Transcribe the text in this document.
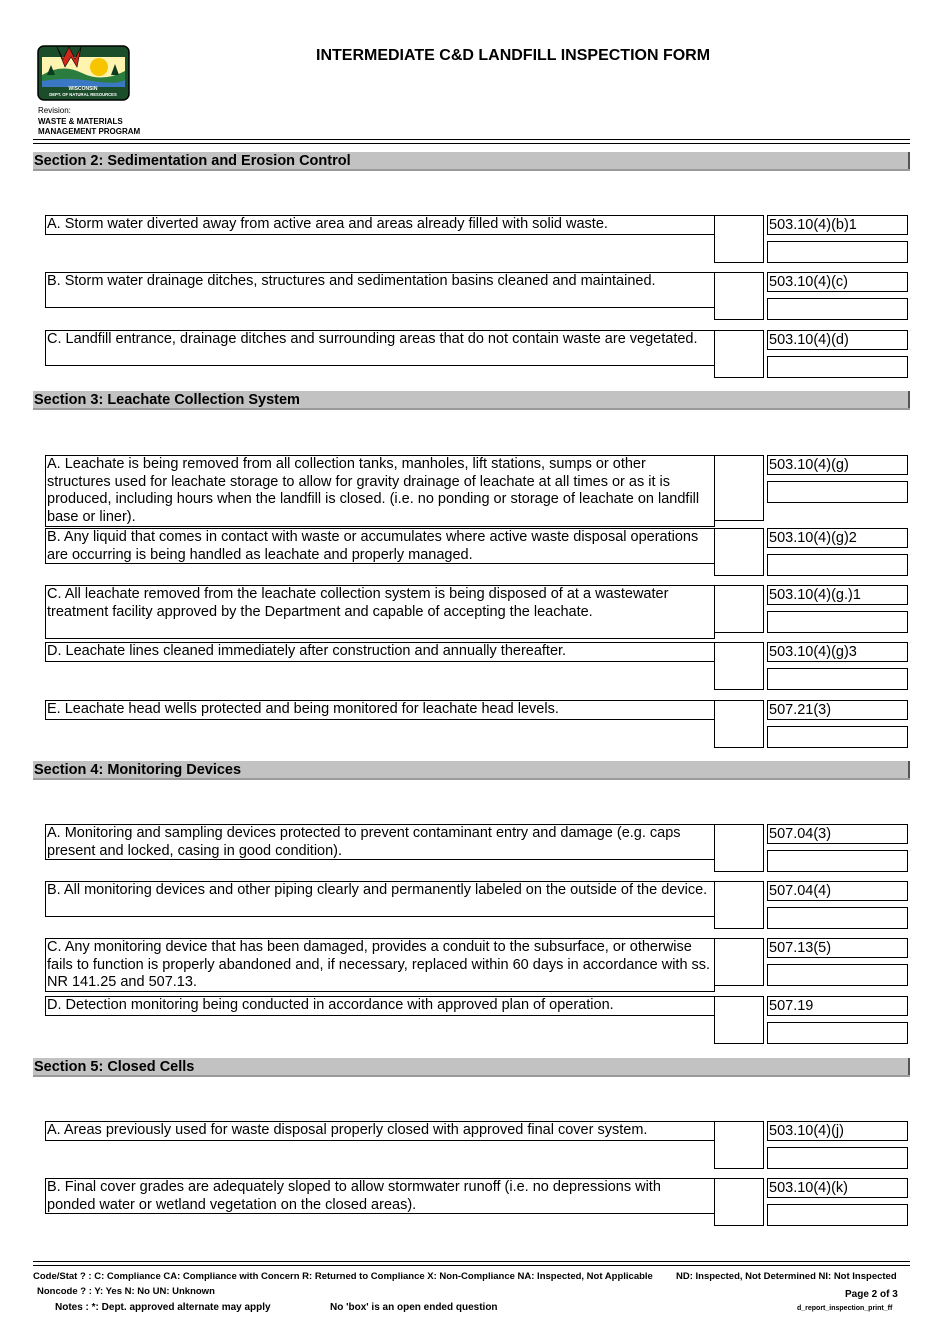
WISCONSIN
DEPT. OF NATURAL RESOURCES
INTERMEDIATE C&D LANDFILL INSPECTION FORM
Revision:
WASTE & MATERIALS
MANAGEMENT PROGRAM
Section 2: Sedimentation and Erosion Control
A. Storm water diverted away from active area and areas already filled with solid waste.	503.10(4)(b)1
B. Storm water drainage ditches, structures and sedimentation basins cleaned and maintained.	503.10(4)(c)
C. Landfill entrance, drainage ditches and surrounding areas that do not contain waste are vegetated.	503.10(4)(d)
Section 3: Leachate Collection System
A. Leachate is being removed from all collection tanks, manholes, lift stations, sumps or other structures used for leachate storage to allow for gravity drainage of leachate at all times or as it is produced, including hours when the landfill is closed. (i.e. no ponding or storage of leachate on landfill base or liner).
503.10(4)(g)
B. Any liquid that comes in contact with waste or accumulates where active waste disposal operations are occurring is being handled as leachate and properly managed.
503.10(4)(g)2
C. All leachate removed from the leachate collection system is being disposed of at a wastewater treatment facility approved by the Department and capable of accepting the leachate.
503.10(4)(g.)1
D. Leachate lines cleaned immediately after construction and annually thereafter.	503.10(4)(g)3
E. Leachate head wells protected and being monitored for leachate head levels.	507.21(3)
Section 4: Monitoring Devices
A. Monitoring and sampling devices protected to prevent contaminant entry and damage (e.g. caps present and locked, casing in good condition).
507.04(3)
B. All monitoring devices and other piping clearly and permanently labeled on the outside of the device.	507.04(4)
C. Any monitoring device that has been damaged, provides a conduit to the subsurface, or otherwise fails to function is properly abandoned and, if necessary, replaced within 60 days in accordance with ss. NR 141.25 and 507.13.
507.13(5)
D. Detection monitoring being conducted in accordance with approved plan of operation.	507.19
Section 5: Closed Cells
A. Areas previously used for waste disposal properly closed with approved final cover system.	503.10(4)(j)
B. Final cover grades are adequately sloped to allow stormwater runoff (i.e. no depressions with ponded water or wetland vegetation on the closed areas).
503.10(4)(k)
Code/Stat ? : C: Compliance CA: Compliance with Concern R: Returned to Compliance X: Non-Compliance NA: Inspected, Not Applicable ND: Inspected, Not Determined NI: Not Inspected
Noncode ? : Y: Yes N: No UN: Unknown
Notes : *: Dept. approved alternate may apply	No 'box' is an open ended question
Page 2 of 3
d_report_inspection_print_ff
